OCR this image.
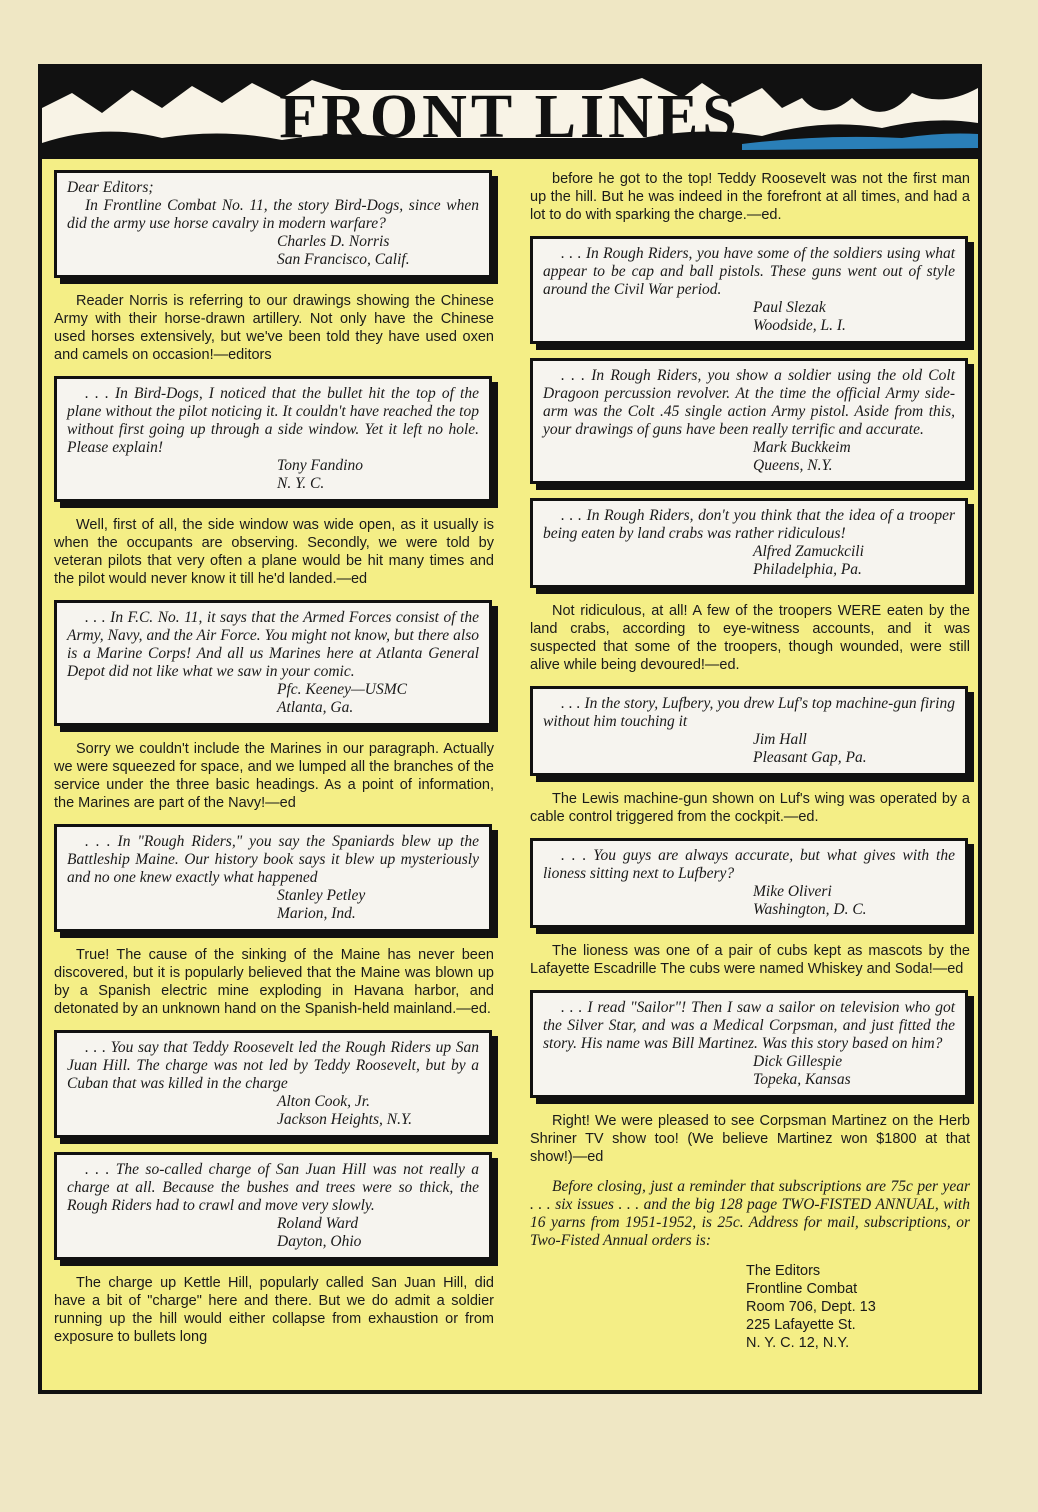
FRONT LINES
Dear Editors;

In Frontline Combat No. 11, the story Bird-Dogs, since when did the army use horse cavalry in modern warfare?

Charles D. Norris
San Francisco, Calif.
Reader Norris is referring to our drawings showing the Chinese Army with their horse-drawn artillery. Not only have the Chinese used horses extensively, but we've been told they have used oxen and camels on occasion!—editors

. . . In Bird-Dogs, I noticed that the bullet hit the top of the plane without the pilot noticing it. It couldn't have reached the top without first going up through a side window. Yet it left no hole. Please explain!

Tony Fandino
N. Y. C.
Well, first of all, the side window was wide open, as it usually is when the occupants are observing. Secondly, we were told by veteran pilots that very often a plane would be hit many times and the pilot would never know it till he'd landed.—ed

. . . In F.C. No. 11, it says that the Armed Forces consist of the Army, Navy, and the Air Force. You might not know, but there also is a Marine Corps! And all us Marines here at Atlanta General Depot did not like what we saw in your comic.

Pfc. Keeney—USMC
Atlanta, Ga.
Sorry we couldn't include the Marines in our paragraph. Actually we were squeezed for space, and we lumped all the branches of the service under the three basic headings. As a point of information, the Marines are part of the Navy!—ed

. . . In "Rough Riders," you say the Spaniards blew up the Battleship Maine. Our history book says it blew up mysteriously and no one knew exactly what happened

Stanley Petley
Marion, Ind.
True! The cause of the sinking of the Maine has never been discovered, but it is popularly believed that the Maine was blown up by a Spanish electric mine exploding in Havana harbor, and detonated by an unknown hand on the Spanish-held mainland.—ed.

. . . You say that Teddy Roosevelt led the Rough Riders up San Juan Hill. The charge was not led by Teddy Roosevelt, but by a Cuban that was killed in the charge

Alton Cook, Jr.
Jackson Heights, N.Y.

. . . The so-called charge of San Juan Hill was not really a charge at all. Because the bushes and trees were so thick, the Rough Riders had to crawl and move very slowly.

Roland Ward
Dayton, Ohio
The charge up Kettle Hill, popularly called San Juan Hill, did have a bit of "charge" here and there. But we do admit a soldier running up the hill would either collapse from exhaustion or from exposure to bullets long
before he got to the top! Teddy Roosevelt was not the first man up the hill. But he was indeed in the forefront at all times, and had a lot to do with sparking the charge.—ed.

. . . In Rough Riders, you have some of the soldiers using what appear to be cap and ball pistols. These guns went out of style around the Civil War period.

Paul Slezak
Woodside, L. I.

. . . In Rough Riders, you show a soldier using the old Colt Dragoon percussion revolver. At the time the official Army side-arm was the Colt .45 single action Army pistol. Aside from this, your drawings of guns have been really terrific and accurate.

Mark Buckkeim
Queens, N.Y.

. . . In Rough Riders, don't you think that the idea of a trooper being eaten by land crabs was rather ridiculous!

Alfred Zamuckcili
Philadelphia, Pa.
Not ridiculous, at all! A few of the troopers WERE eaten by the land crabs, according to eye-witness accounts, and it was suspected that some of the troopers, though wounded, were still alive while being devoured!—ed.

. . . In the story, Lufbery, you drew Luf's top machine-gun firing without him touching it

Jim Hall
Pleasant Gap, Pa.
The Lewis machine-gun shown on Luf's wing was operated by a cable control triggered from the cockpit.—ed.

. . . You guys are always accurate, but what gives with the lioness sitting next to Lufbery?

Mike Oliveri
Washington, D. C.
The lioness was one of a pair of cubs kept as mascots by the Lafayette Escadrille The cubs were named Whiskey and Soda!—ed

. . . I read "Sailor"! Then I saw a sailor on television who got the Silver Star, and was a Medical Corpsman, and just fitted the story. His name was Bill Martinez. Was this story based on him?

Dick Gillespie
Topeka, Kansas
Right! We were pleased to see Corpsman Martinez on the Herb Shriner TV show too! (We believe Martinez won $1800 at that show!)—ed
Before closing, just a reminder that subscriptions are 75c per year . . . six issues . . . and the big 128 page TWO-FISTED ANNUAL, with 16 yarns from 1951-1952, is 25c. Address for mail, subscriptions, or Two-Fisted Annual orders is:
The Editors
Frontline Combat
Room 706, Dept. 13
225 Lafayette St.
N. Y. C. 12, N.Y.
